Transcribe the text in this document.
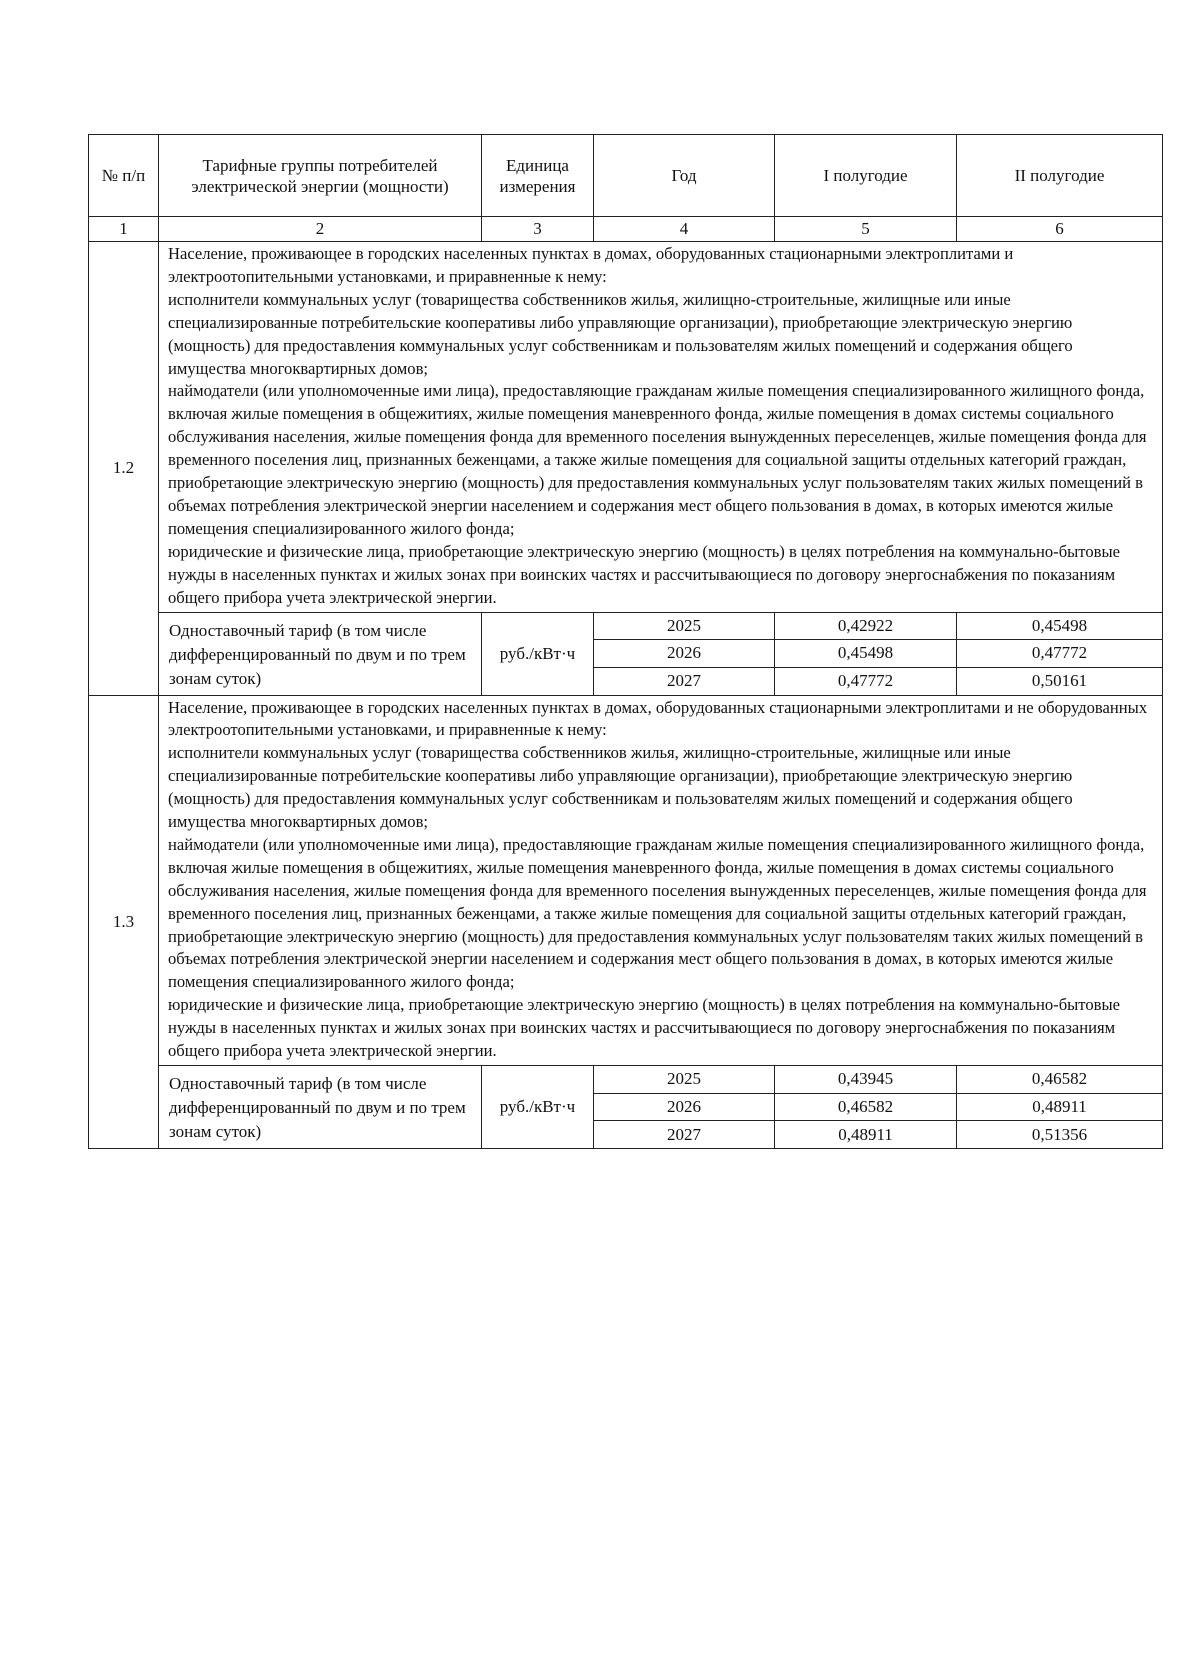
№ п/п	Тарифные группы потребителей электрической энергии (мощности)	Единица измерения	Год	I полугодие	II полугодие
1	2	3	4	5	6
1.2	Население, проживающее в городских населенных пунктах в домах, оборудованных стационарными электроплитами и электроотопительными установками, и приравненные к нему:

исполнители коммунальных услуг (товарищества собственников жилья, жилищно-строительные, жилищные или иные специализированные потребительские кооперативы либо управляющие организации), приобретающие электрическую энергию (мощность) для предоставления коммунальных услуг собственникам и пользователям жилых помещений и содержания общего имущества многоквартирных домов;

наймодатели (или уполномоченные ими лица), предоставляющие гражданам жилые помещения специализированного жилищного фонда, включая жилые помещения в общежитиях, жилые помещения маневренного фонда, жилые помещения в домах системы социального обслуживания населения, жилые помещения фонда для временного поселения вынужденных переселенцев, жилые помещения фонда для временного поселения лиц, признанных беженцами, а также жилые помещения для социальной защиты отдельных категорий граждан, приобретающие электрическую энергию (мощность) для предоставления коммунальных услуг пользователям таких жилых помещений в объемах потребления электрической энергии населением и содержания мест общего пользования в домах, в которых имеются жилые помещения специализированного жилого фонда;

юридические и физические лица, приобретающие электрическую энергию (мощность) в целях потребления на коммунально-бытовые нужды в населенных пунктах и жилых зонах при воинских частях и рассчитывающиеся по договору энергоснабжения по показаниям общего прибора учета электрической энергии.				

	Одноставочный тариф (в том числе дифференцированный по двум и по трем зонам суток)	руб./кВт·ч	2025	0,42922	0,45498
			2026	0,45498	0,47772
			2027	0,47772	0,50161
1.3	Население, проживающее в городских населенных пунктах в домах, оборудованных стационарными электроплитами и не оборудованных электроотопительными установками, и приравненные к нему:

исполнители коммунальных услуг (товарищества собственников жилья, жилищно-строительные, жилищные или иные специализированные потребительские кооперативы либо управляющие организации), приобретающие электрическую энергию (мощность) для предоставления коммунальных услуг собственникам и пользователям жилых помещений и содержания общего имущества многоквартирных домов;

наймодатели (или уполномоченные ими лица), предоставляющие гражданам жилые помещения специализированного жилищного фонда, включая жилые помещения в общежитиях, жилые помещения маневренного фонда, жилые помещения в домах системы социального обслуживания населения, жилые помещения фонда для временного поселения вынужденных переселенцев, жилые помещения фонда для временного поселения лиц, признанных беженцами, а также жилые помещения для социальной защиты отдельных категорий граждан, приобретающие электрическую энергию (мощность) для предоставления коммунальных услуг пользователям таких жилых помещений в объемах потребления электрической энергии населением и содержания мест общего пользования в домах, в которых имеются жилые помещения специализированного жилого фонда;

юридические и физические лица, приобретающие электрическую энергию (мощность) в целях потребления на коммунально-бытовые нужды в населенных пунктах и жилых зонах при воинских частях и рассчитывающиеся по договору энергоснабжения по показаниям общего прибора учета электрической энергии.				

	Одноставочный тариф (в том числе дифференцированный по двум и по трем зонам суток)	руб./кВт·ч	2025	0,43945	0,46582
			2026	0,46582	0,48911
			2027	0,48911	0,51356
